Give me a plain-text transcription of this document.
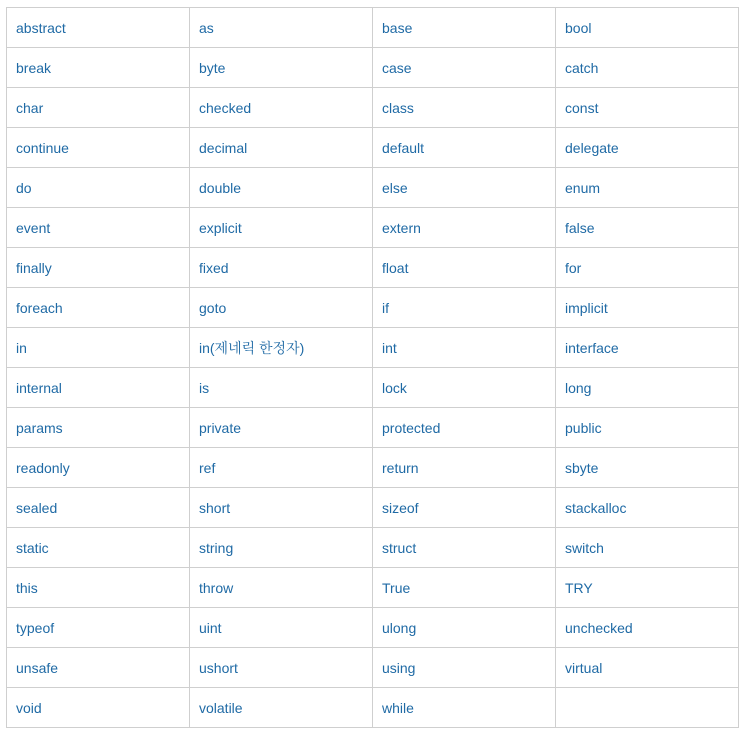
abstract	as	base	bool
break	byte	case	catch
char	checked	class	const
continue	decimal	default	delegate
do	double	else	enum
event	explicit	extern	false
finally	fixed	float	for
foreach	goto	if	implicit
in	in(제네릭 한정자)	int	interface
internal	is	lock	long
params	private	protected	public
readonly	ref	return	sbyte
sealed	short	sizeof	stackalloc
static	string	struct	switch
this	throw	True	TRY
typeof	uint	ulong	unchecked
unsafe	ushort	using	virtual
void	volatile	while	
